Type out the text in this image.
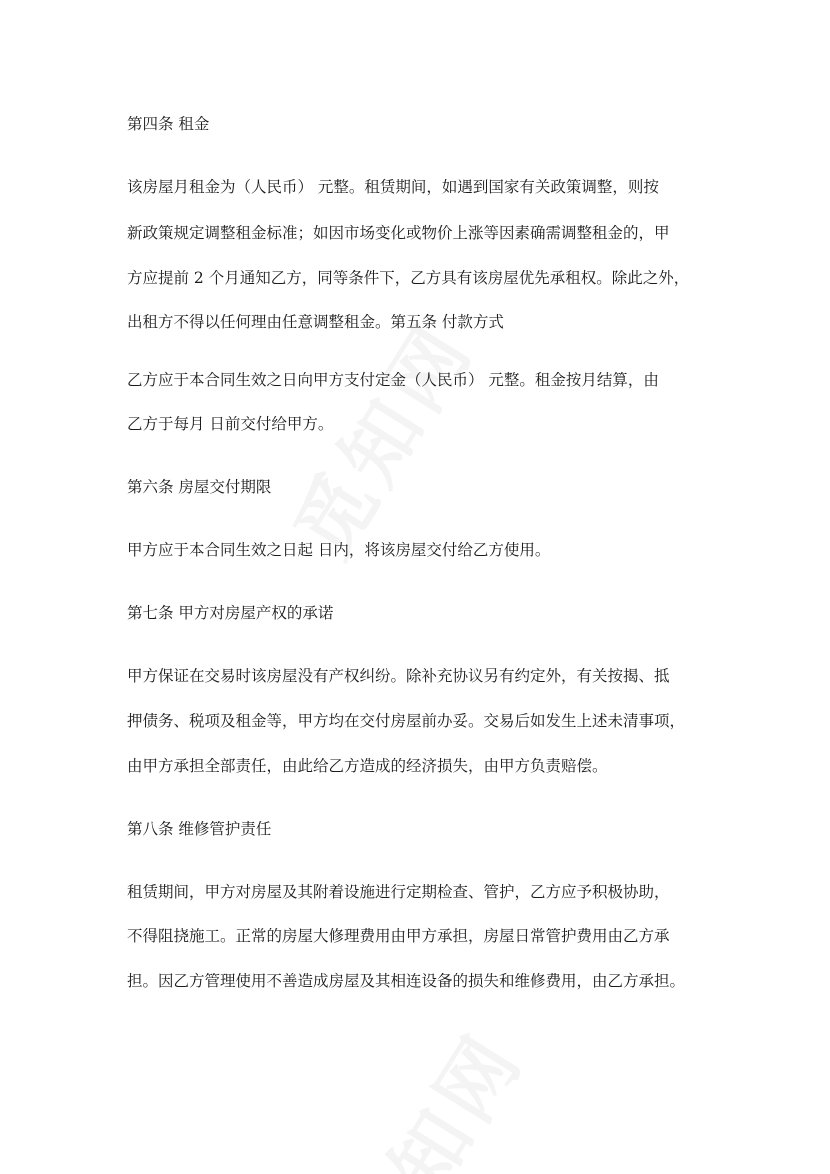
第四条 租金
该房屋月租金为（人民币） 元整。租赁期间，如遇到国家有关政策调整，则按
新政策规定调整租金标准；如因市场变化或物价上涨等因素确需调整租金的，甲
方应提前 2 个月通知乙方，同等条件下，乙方具有该房屋优先承租权。除此之外，
出租方不得以任何理由任意调整租金。第五条 付款方式
乙方应于本合同生效之日向甲方支付定金（人民币） 元整。租金按月结算，由
乙方于每月 日前交付给甲方。
第六条 房屋交付期限
甲方应于本合同生效之日起 日内，将该房屋交付给乙方使用。
第七条 甲方对房屋产权的承诺
甲方保证在交易时该房屋没有产权纠纷。除补充协议另有约定外，有关按揭、抵
押债务、税项及租金等，甲方均在交付房屋前办妥。交易后如发生上述未清事项，
由甲方承担全部责任，由此给乙方造成的经济损失，由甲方负责赔偿。
第八条 维修管护责任
租赁期间，甲方对房屋及其附着设施进行定期检查、管护，乙方应予积极协助，
不得阻挠施工。正常的房屋大修理费用由甲方承担，房屋日常管护费用由乙方承
担。因乙方管理使用不善造成房屋及其相连设备的损失和维修费用，由乙方承担。
